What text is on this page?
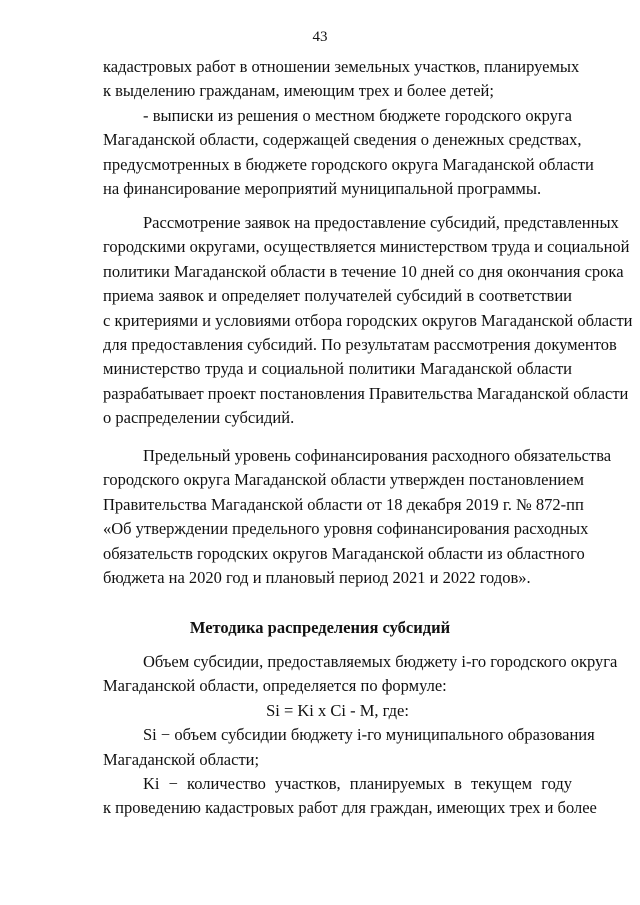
43
кадастровых работ в отношении земельных участков, планируемых
к выделению гражданам, имеющим трех и более детей;
- выписки из решения о местном бюджете городского округа
Магаданской области, содержащей сведения о денежных средствах,
предусмотренных в бюджете городского округа Магаданской области
на финансирование мероприятий муниципальной программы.
Рассмотрение заявок на предоставление субсидий, представленных
городскими округами, осуществляется министерством труда и социальной
политики Магаданской области в течение 10 дней со дня окончания срока
приема заявок и определяет получателей субсидий в соответствии
с критериями и условиями отбора городских округов Магаданской области
для предоставления субсидий. По результатам рассмотрения документов
министерство труда и социальной политики Магаданской области
разрабатывает проект постановления Правительства Магаданской области
о распределении субсидий.
Предельный уровень софинансирования расходного обязательства
городского округа Магаданской области утвержден постановлением
Правительства Магаданской области от 18 декабря 2019 г. № 872-пп
«Об утверждении предельного уровня софинансирования расходных
обязательств городских округов Магаданской области из областного
бюджета на 2020 год и плановый период 2021 и 2022 годов».
Методика распределения субсидий
Объем субсидии, предоставляемых бюджету i-го городского округа
Магаданской области, определяется по формуле:
Si = Ki x Ci - M, где:
Si − объем субсидии бюджету i-го муниципального образования
Магаданской области;
Ki − количество участков, планируемых в текущем году
к проведению кадастровых работ для граждан, имеющих трех и более
